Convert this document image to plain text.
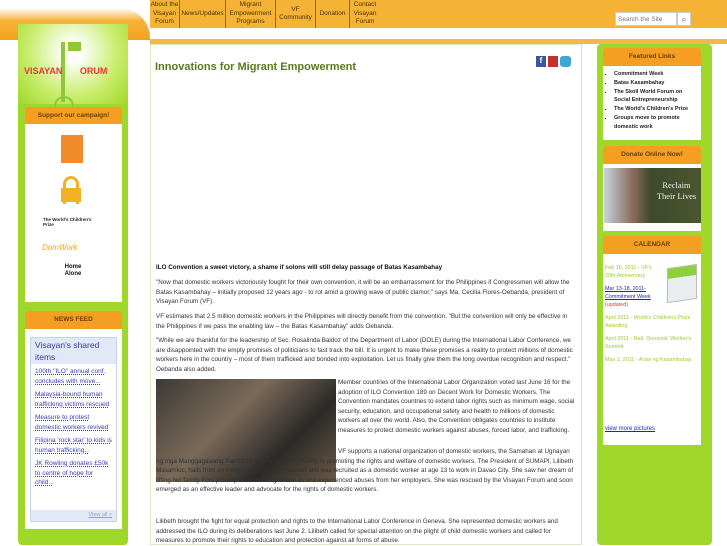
About the Visayan Forum
News/Updates
Migrant Empowerment Programs
VF Community
Donation
Contact Visayan Forum
Search the Site	⌕
VISAYAN       ORUM
Support our campaign!
The World's Children's Prize
DomWork
Home Alone
NEWS FEED
Visayan's shared items
100th "ILO" annual conf. concludes with move...
Malaysia-bound human trafficking victims rescued
Measure to protest domestic workers revived
Filipina 'rock star' to kids is human trafficking...
JK Rowling donates £50k to centre of hope for child...
View all »
Innovations for Migrant Empowerment
f
ILO Convention a sweet victory, a shame if solons will still delay passage of Batas Kasambahay
"Now that domestic workers victoriously fought for their own convention, it will be an embarrassment for the Philippines if Congressmen will allow the Batas Kasambahay – initially proposed 12 years ago - to rot amid a growing wave of public clamor," says Ma. Cecilia Flores-Oebanda, president of Visayan Forum (VF).
VF estimates that 2.5 million domestic workers in the Philippines will directly benefit from the convention. "But the convention will only be effective in the Philippines if we pass the enabling law – the Batas Kasambahay" adds Oebanda.
"While we are thankful for the leadership of Sec. Rosalinda Baldoz of the Department of Labor (DOLE) during the International Labor Conference, we are disappointed with the empty promises of politicians to fast track the bill. It is urgent to make these promises a reality to protect millions of domestic workers here in the country – most of them trafficked and bonded into exploitation. Let us finally give them the long overdue recognition and respect." Oebanda also added.
Member countries of the International Labor Organization voted last June 16 for the adoption of ILO Convention 189 on Decent Work for Domestic Workers. The Convention mandates countries to extend labor rights such as minimum wage, social security, education, and occupational safety and health to millions of domestic workers all over the world. Also, the Convention obligates countries to institute measures to protect domestic workers against abuses, forced labor, and trafficking.
VF supports a national organization of domestic workers, the Samahan at Ugnayan ng mga Manggagawang Pantahan ng Pilipinas (SUMAPI), in promoting the rights and welfare of domestic workers. The President of SUMAPI, Lilibeth Masamloc, hails from an indigenous tribe in Mindanao and was recruited as a domestic worker at age 13 to work in Davao City. She saw her dream of lifting her family from poverty turn into a nightmare as she experienced abuses from her employers. She was rescued by the Visayan Forum and soon emerged as an effective leader and advocate for the rights of domestic workers.
Lilibeth brought the fight for equal protection and rights to the International Labor Conference in Geneva. She represented domestic workers and addressed the ILO during its deliberations last June 2. Lilibeth called for special attention on the plight of child domestic workers and called for measures to promote their rights to education and protection against all forms of abuse.
Featured Links
▪ Commitment Week
▪ Batas Kasambahay
▪ The Skoll World Forum on Social Entrepreneurship
▪ The World's Children's Prize
▪ Groups move to promote domestic work
Donate Online Now!
Reclaim Their Lives
CALENDAR
Feb 16, 2011 - VF's 20th Anniversary
Mar 13-18, 2011- Commitment Week (updated)
April 2011 - World's Children's Prize Awarding
April 2011 - Natl. Domestic Worker's Summit
May 1, 2011 - Araw ng Kasambahay
view more pictures
